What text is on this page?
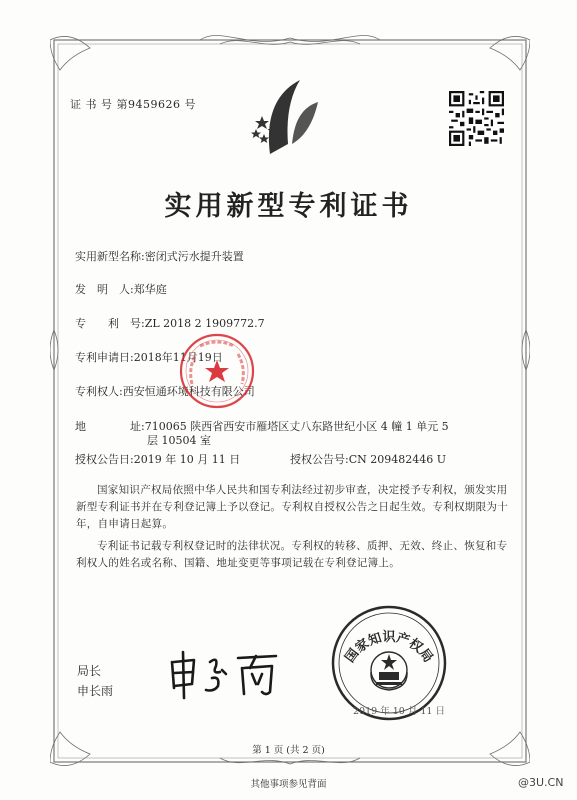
证 书 号 第9459626 号
实用新型专利证书
实用新型名称:密闭式污水提升装置
发　明　人:郑华庭
专　　利　号:ZL 2018 2 1909772.7
专利申请日:2018年11月19日
专利权人:西安恒通环境科技有限公司
地　　　　址:710065 陕西省西安市雁塔区丈八东路世纪小区 4 幢 1 单元 5
层 10504 室
授权公告日:2019 年 10 月 11 日	授权公告号:CN 209482446 U
国家知识产权局依照中华人民共和国专利法经过初步审查，决定授予专利权，颁发实用新型专利证书并在专利登记簿上予以登记。专利权自授权公告之日起生效。专利权期限为十年，自申请日起算。
专利证书记载专利权登记时的法律状况。专利权的转移、质押、无效、终止、恢复和专利权人的姓名或名称、国籍、地址变更等事项记载在专利登记簿上。
局长
申长雨
国家知识产权局
2019 年 10 月 11 日
第 1 页 (共 2 页)
其他事项参见背面	@3U.CN
